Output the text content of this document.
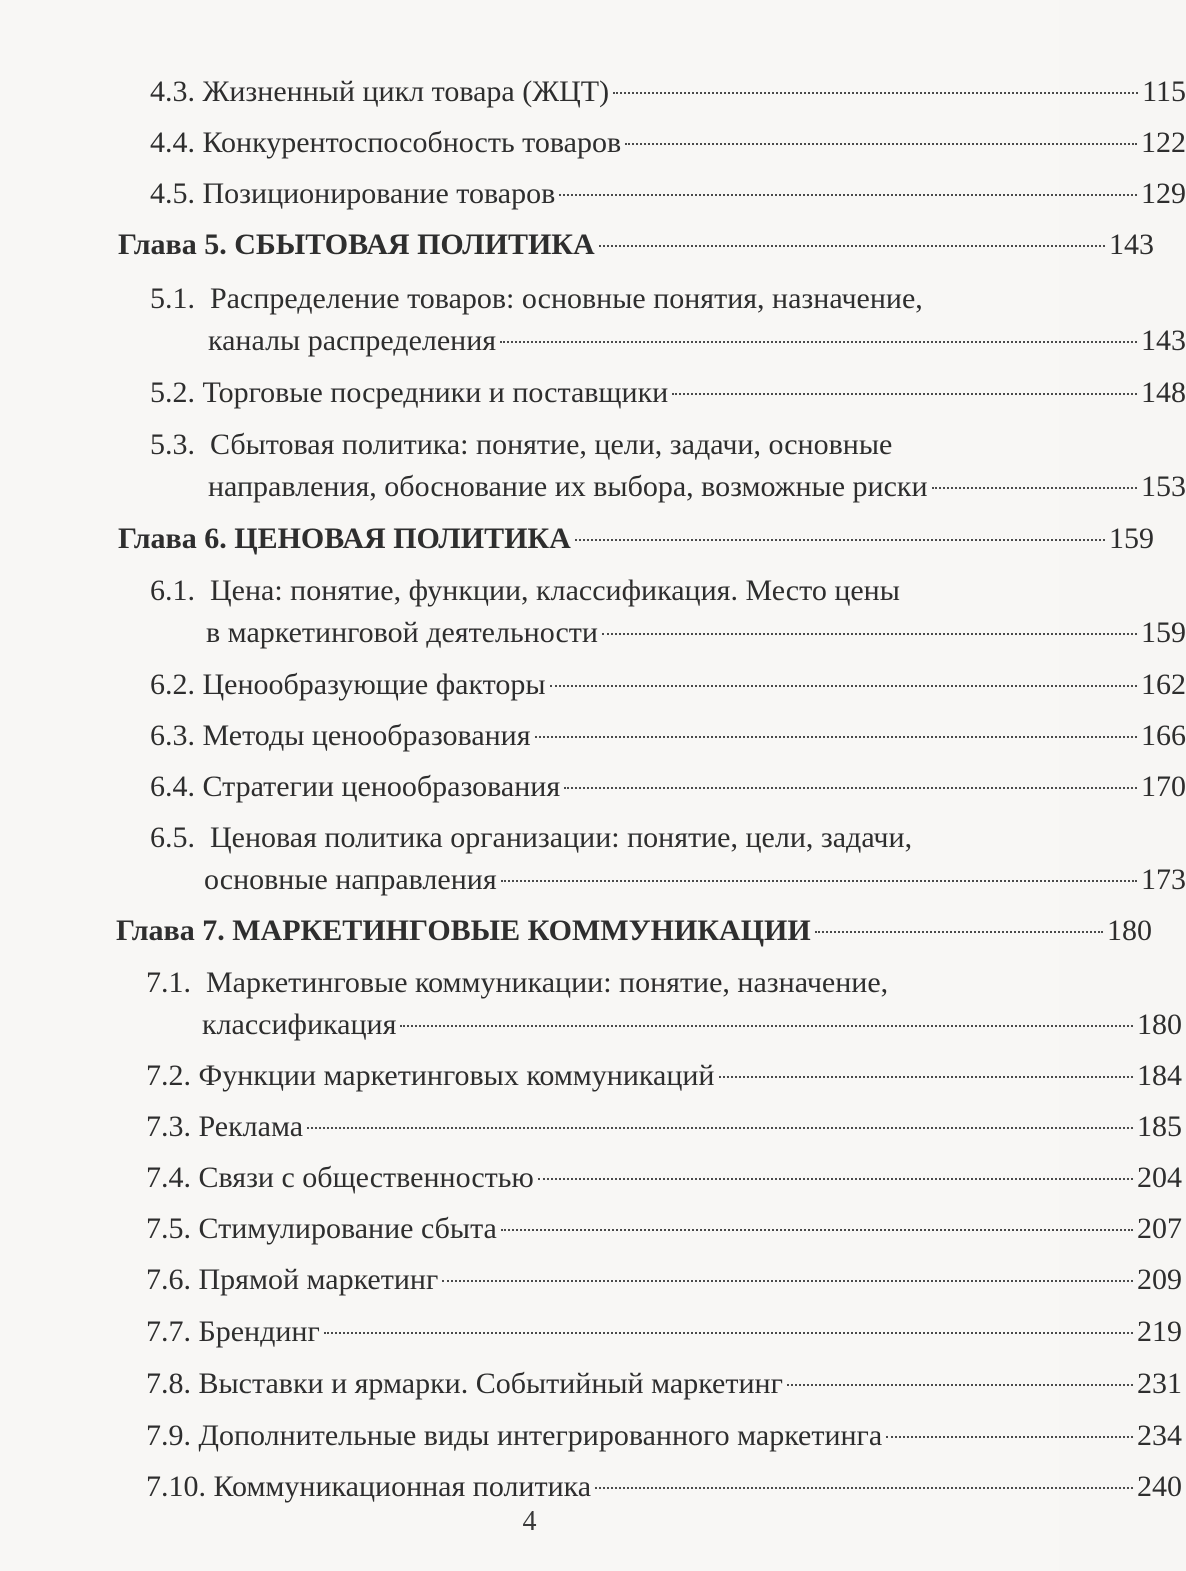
4.3.
Жизненный цикл товара (ЖЦТ)	115
4.4.
Конкурентоспособность товаров	122
4.5.
Позиционирование товаров	129
Глава 5. СБЫТОВАЯ ПОЛИТИКА	143
5.1. Распределение товаров: основные понятия, назначение,
каналы распределения	143
5.2.
Торговые посредники и поставщики	148
5.3. Сбытовая политика: понятие, цели, задачи, основные
направления, обоснование их выбора, возможные риски	153
Глава 6. ЦЕНОВАЯ ПОЛИТИКА	159
6.1. Цена: понятие, функции, классификация. Место цены
в маркетинговой деятельности	159
6.2.
Ценообразующие факторы	162
6.3.
Методы ценообразования	166
6.4.
Стратегии ценообразования	170
6.5. Ценовая политика организации: понятие, цели, задачи,
основные направления	173
Глава 7. МАРКЕТИНГОВЫЕ КОММУНИКАЦИИ	180
7.1. Маркетинговые коммуникации: понятие, назначение,
классификация	180
7.2.
Функции маркетинговых коммуникаций	184
7.3.
Реклама	185
7.4.
Связи с общественностью	204
7.5.
Стимулирование сбыта	207
7.6.
Прямой маркетинг	209
7.7.
Брендинг	219
7.8.
Выставки и ярмарки. Событийный маркетинг	231
7.9.
Дополнительные виды интегрированного маркетинга	234
7.10.
Коммуникационная политика	240
4
